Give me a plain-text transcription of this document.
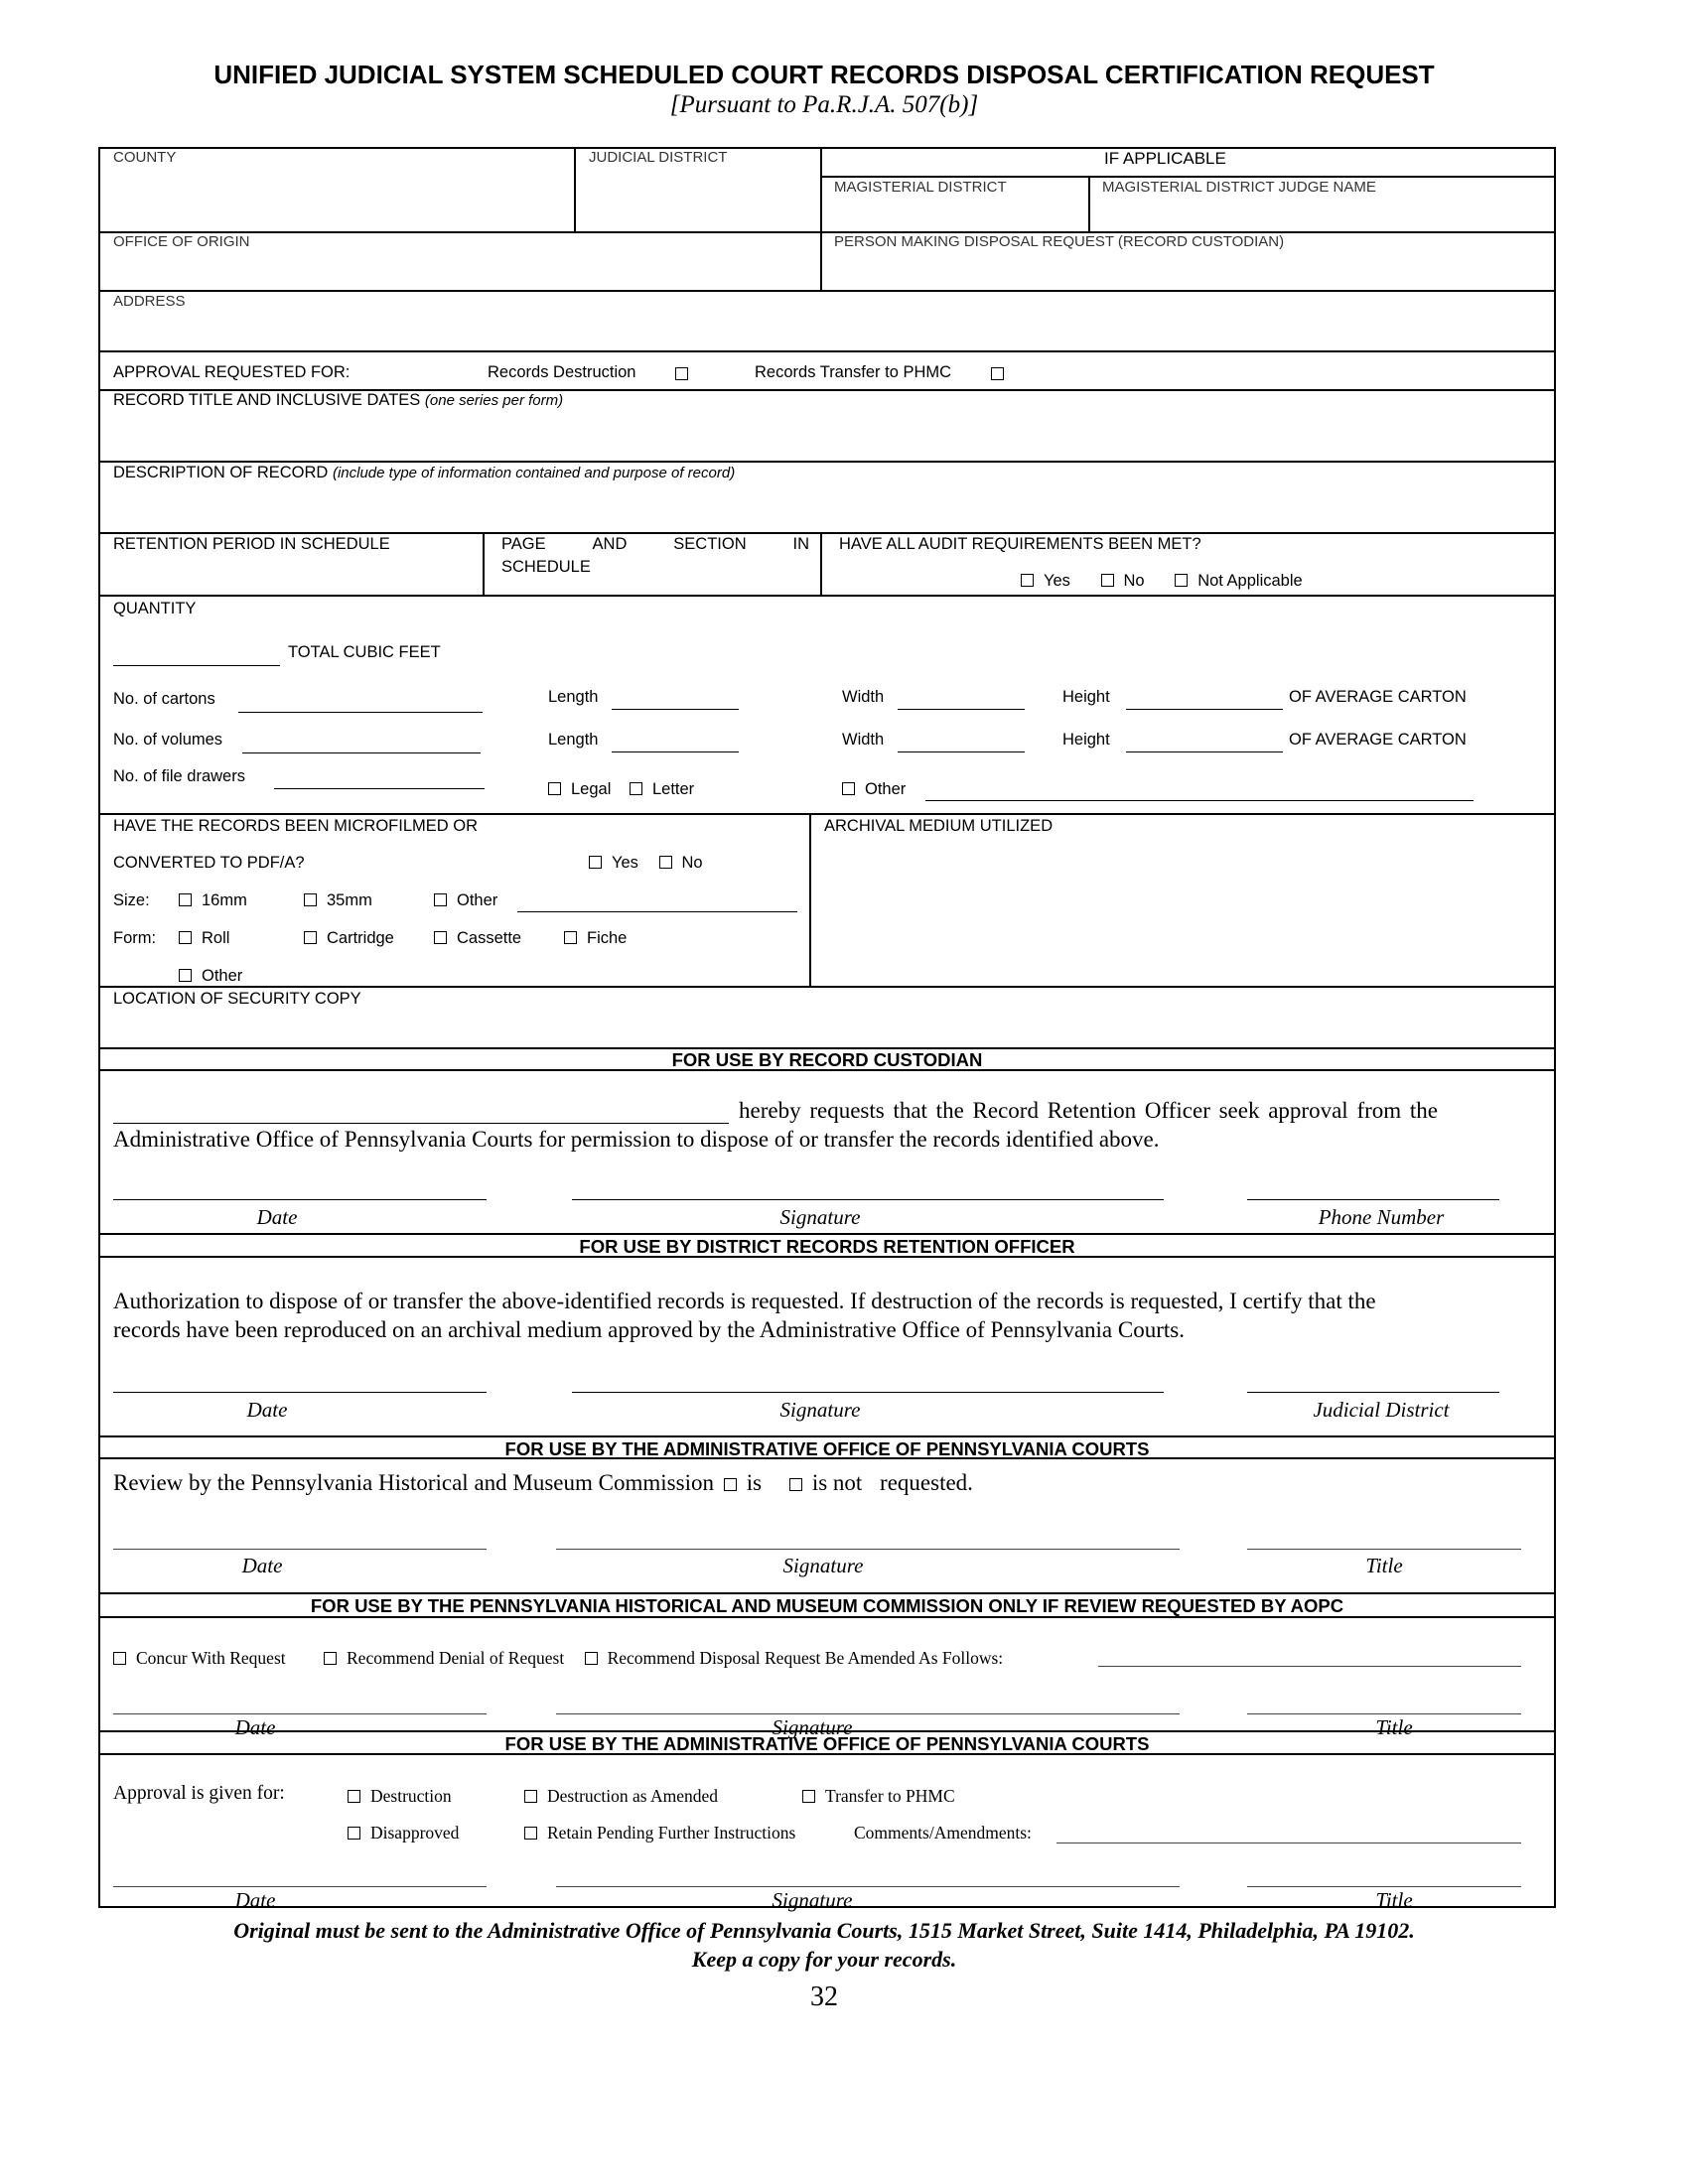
UNIFIED JUDICIAL SYSTEM SCHEDULED COURT RECORDS DISPOSAL CERTIFICATION REQUEST
[Pursuant to Pa.R.J.A. 507(b)]
COUNTY	JUDICIAL DISTRICT	IF APPLICABLE
MAGISTERIAL DISTRICT	MAGISTERIAL DISTRICT JUDGE NAME
OFFICE OF ORIGIN	PERSON MAKING DISPOSAL REQUEST (RECORD CUSTODIAN)
ADDRESS
APPROVAL REQUESTED FOR:	Records Destruction	Records Transfer to PHMC
RECORD TITLE AND INCLUSIVE DATES (one series per form)
DESCRIPTION OF RECORD (include type of information contained and purpose of record)
RETENTION PERIOD IN SCHEDULE	PAGE	AND	SECTION	IN
SCHEDULE
HAVE ALL AUDIT REQUIREMENTS BEEN MET?
Yes	No	Not Applicable
QUANTITY
TOTAL CUBIC FEET
No. of cartons	Length	Width	Height	OF AVERAGE CARTON
No. of volumes	Length	Width	Height	OF AVERAGE CARTON
No. of file drawers
Legal	Letter	Other
HAVE THE RECORDS BEEN MICROFILMED OR
CONVERTED TO PDF/A?	Yes	No
Size:	16mm	35mm	Other
Form:	Roll	Cartridge	Cassette	Fiche
Other
ARCHIVAL MEDIUM UTILIZED
LOCATION OF SECURITY COPY
FOR USE BY RECORD CUSTODIAN
hereby requests that the Record Retention Officer seek approval from the
Administrative Office of Pennsylvania Courts for permission to dispose of or transfer the records identified above.
Date	Signature	Phone Number
FOR USE BY DISTRICT RECORDS RETENTION OFFICER
Authorization to dispose of or transfer the above-identified records is requested. If destruction of the records is requested, I certify that the
records have been reproduced on an archival medium approved by the Administrative Office of Pennsylvania Courts.
Date	Signature	Judicial District
FOR USE BY THE ADMINISTRATIVE OFFICE OF PENNSYLVANIA COURTS
Review by the Pennsylvania Historical and Museum Commission is is not requested.
Date	Signature	Title
FOR USE BY THE PENNSYLVANIA HISTORICAL AND MUSEUM COMMISSION ONLY IF REVIEW REQUESTED BY AOPC
Concur With Request	Recommend Denial of Request Recommend Disposal Request Be Amended As Follows:
Date	Signature	Title
FOR USE BY THE ADMINISTRATIVE OFFICE OF PENNSYLVANIA COURTS
Approval is given for:	Destruction	Destruction as Amended	Transfer to PHMC
Disapproved	Retain Pending Further Instructions	Comments/Amendments:
Date	Signature	Title
Original must be sent to the Administrative Office of Pennsylvania Courts, 1515 Market Street, Suite 1414, Philadelphia, PA 19102.
Keep a copy for your records.
32
